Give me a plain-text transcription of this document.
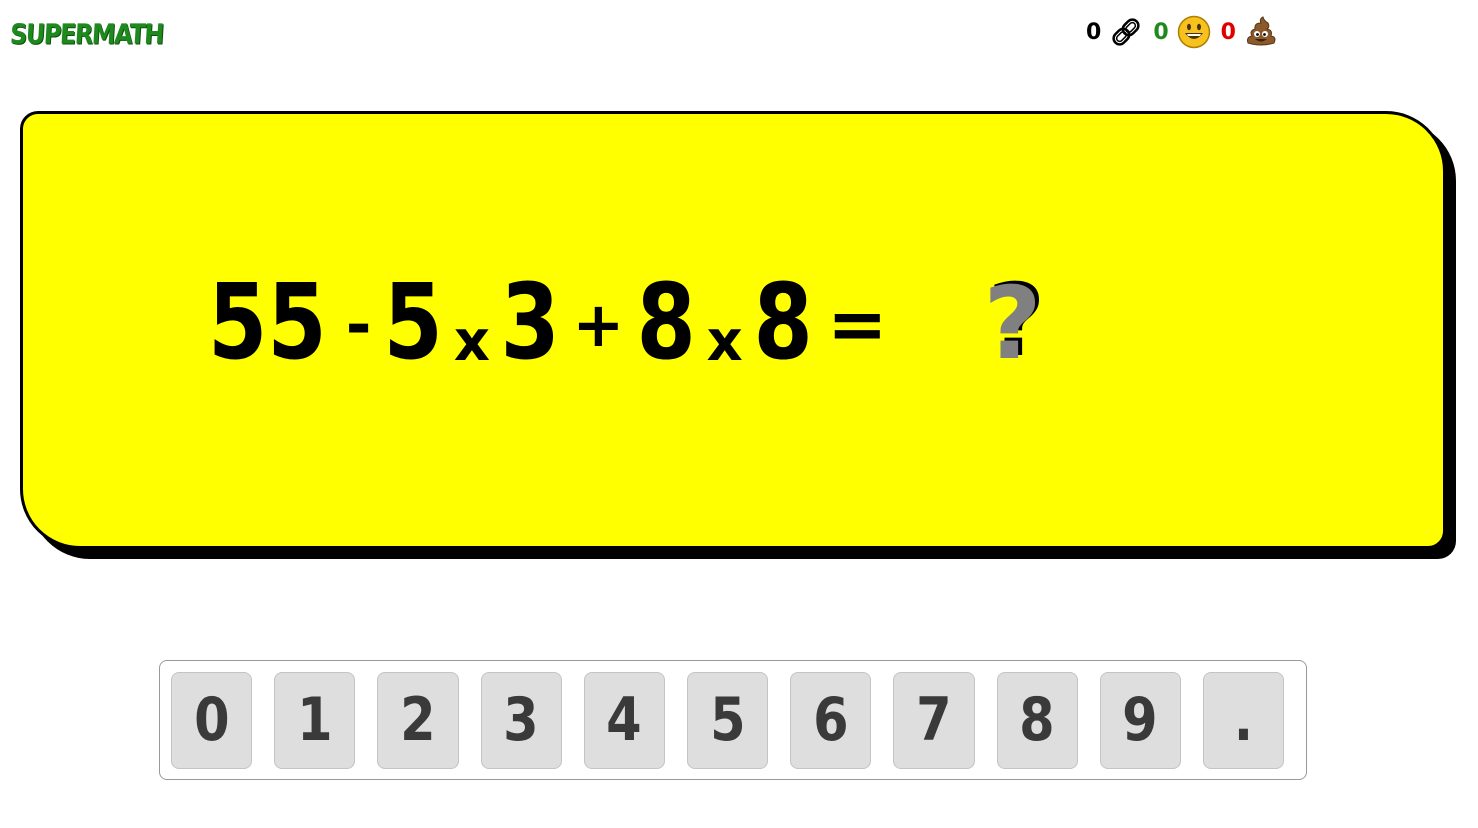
SUPERMATH	0 0 0
55 - 5 x 3 + 8 x 8 = ?
0 1 2 3 4 5 6 7 8 9 .
